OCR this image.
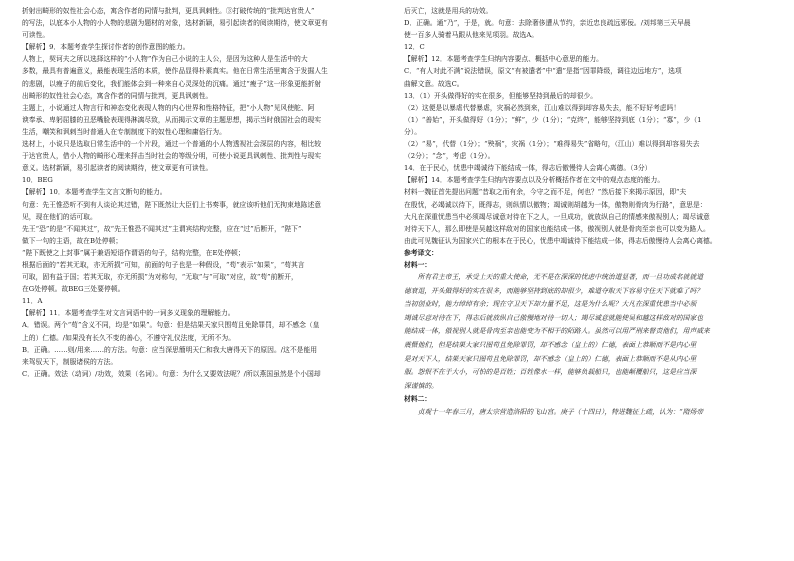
折射出畸形的奴性社会心态，寓含作者的同情与批判，更具讽刺性。③打破传统的“批判达官贵人”

的写法，以底本小人物的小人物的悲剧为题材的对象，选材新颖，易引起读者的阅读期待，使文章更有

可读性。

【解析】9．本题考查学生探讨作者的创作意图的能力。

人物上，契诃夫之所以选择这样的“小人物”作为自己小说的主人公，是因为这种人是生活中的大

多数，最具有普遍意义，最能表现生活的本质，使作品显得朴素真实。他在日常生活里寓含于发掘人生

的悲剧，以瘦子的前后变化，我们能体会到一种来自心灵深处的沉痛。通过“瘦子”这一形象更能折射

出畸形的奴性社会心态，寓含作者的同情与批判，更具讽刺性。

主题上，小说通过人物言行和神态变化表现人物的内心世界和性格特征，把“小人物”见风使舵、阿

谀奉承、卑躬屈膝的丑恶嘴脸表现得淋漓尽致，从而揭示文章的主题思想，揭示当时俄国社会的现实

生活，嘲笑和讽刺当时普通人在专制制度下的奴性心理和庸俗行为。

选材上，小说只是选取日常生活中的一个片段，通过一个普通的小人物透视社会深层的内容，相比较

于达官贵人，借小人物的畸形心理来抨击当时社会的等级分明，可使小说更具讽刺性、批判性与现实

意义。选材新颖，易引起读者的阅读期待，使文章更有可读性。

10．BEG

【解析】10．本题考查学生文言文断句的能力。

句意：先王惟恐听不到有人谈论其过错，陛下既然让大臣们上书奏事，就应该听他们无拘束地陈述意

见，现在他们的话可取。

先王“恐”的是“不闻其过”，故“先王惟恐不闻其过”主谓宾结构完整，应在“过”后断开，“陛下”

做下一句的主语，故在B处停顿；

“陛下既使之上封事”属于兼语短语作谓语的句子，结构完整，在E处停顿；

根据后面的“若其无取，亦无所损”可知，前面的句子也是一种假设，“苟”表示“如果”，“苟其言

可取，固有益于国；若其无取，亦无所损”为对称句，“无取”与“可取”对应，故“苟”前断开，

在G处停顿。故BEG三处要停顿。

11．A

【解析】11．本题考查学生对文言词语中的一词多义现象的理解能力。

A．错误。两个“苟”含义不同，均是“如果”。句意：但是结果天家只围苟且免除罪罚，却不感念（皇

上的）仁德。/如果没有长久不变的善心，不遵守礼仪法度，无所不为。

B．正确。……则/用来……的方法。句意：应当深思簡明天仁和我大唐得天下的原因。/这不是能用

来驾驭天下，制服诸侯的方法。

C．正确。效法（动词）/功效，效果（名词）。句意：为什么又要效法呢？/所以燕国虽然是个小国却

后灭亡，这就是用兵的功效。

D．正确。通“乃”，于是，就。句意：去除奢侈遭从节约，亲近忠良疏远邪佞。/刘邦第三天早晨

使一百多人骑着马跟从他来见项羽。故选A。

12．C

【解析】12．本题考查学生归纳内容要点、概括中心意思的能力。

C．“有人对此不满”说法错误，原文“有被遣者”中“遣”是指“因罪降级，调往边远地方”，选项

曲解文意。故选C。

13．（1）开头做得好的实在很多，但能够坚持到最后的却很少。

（2）这便是以暴虐代替暴虐，灾祸必然到来，江山难以得到却容易失去，能不好好考虑吗！

（1）“善始”，开头做得好（1分）；“鲜”，少（1分）；“克终”，能够坚持到底（1分）；“寡”，少（1

分）。

（2）“易”，代替（1分）；“殃祸”，灾祸（1分）；“难得易失”省略句，（江山）难以得到却容易失去

（2分）；“念”，考虑（1分）。

14．在于民心，忧患中竭诚待下能结成一体，得志后傲慢待人会离心离德。（3分）

【解析】14．本题考查学生归纳内容要点以及分析概括作者在文中的观点态度的能力。

材料一魏征首先提出问题“昔取之而有余，今守之而不足，何也？”然后接下来揭示原因，即“夫

在殷忧，必竭诚以待下，既得志，则纵情以傲物；竭诚则胡越为一体，傲物则骨肉为行路”，意思是：

大凡在深重忧患当中必须竭尽诚意对待在下之人，一旦成功，就放纵自己的情感来傲视别人；竭尽诚意

对待天下人，那么即使是吴越这样敌对的国家也能结成一体，傲视别人就是骨肉至亲也可以变为路人。

由此可见魏征认为国家兴亡的根本在于民心，忧患中竭诚待下能结成一体，得志后傲慢待人会离心离德。

参考译文：

材料一：

　　所有君主帝王，承受上天的重大使命，无不是在深深的忧虑中统治道显著，而一旦功成名就就道

德衰退，开头做得好的实在很多，而能够坚持到底的却很少，难道夺取天下容易守住天下就难了吗？

当初创业时，能力绰绰有余；现在守卫天下却力量不足，这是为什么呢？大凡在深重忧患当中必须

竭诚尽意对待在下，得志后就放纵自己傲慢地对待一切人；竭尽诚意就能使吴和越这样敌对的国家也

能结成一体，傲视别人就是骨肉至亲也能变为不相干的陌路人。虽然可以用严刑来督责他们，用声威来

震慑他们，但是结果大家只图苟且免除罪罚，却不感念（皇上的）仁德，表面上恭顺而不是内心里

是对天下人，结果天家只图苟且免除罪罚，却不感念（皇上的）仁德，表面上恭顺而不是从内心里

服。怨恨不在于大小，可怕的是百姓；百姓像水一样，能够负载船只，也能颠覆船只，这是应当深

深谨慎的。

材料二：

　　贞观十一年春三月，唐太宗营造洛阳的飞山宫。庚子（十四日），特进魏征上疏，认为：“隋炀帝
